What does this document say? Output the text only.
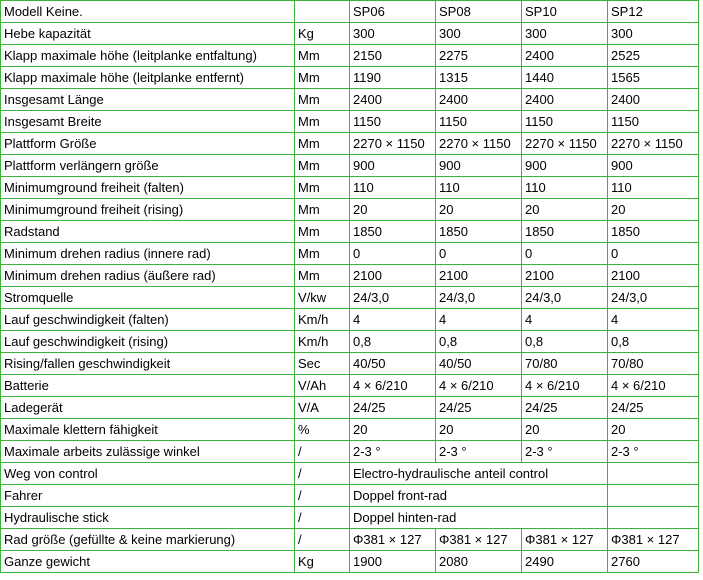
Modell Keine.		SP06	SP08	SP10	SP12
Hebe kapazität	Kg	300	300	300	300
Klapp maximale höhe (leitplanke entfaltung)	Mm	2150	2275	2400	2525
Klapp maximale höhe (leitplanke entfernt)	Mm	1190	1315	1440	1565
Insgesamt Länge	Mm	2400	2400	2400	2400
Insgesamt Breite	Mm	1150	1150	1150	1150
Plattform Größe	Mm	2270 × 1150	2270 × 1150	2270 × 1150	2270 × 1150
Plattform verlängern größe	Mm	900	900	900	900
Minimumground freiheit (falten)	Mm	110	110	110	110
Minimumground freiheit (rising)	Mm	20	20	20	20
Radstand	Mm	1850	1850	1850	1850
Minimum drehen radius (innere rad)	Mm	0	0	0	0
Minimum drehen radius (äußere rad)	Mm	2100	2100	2100	2100
Stromquelle	V/kw	24/3,0	24/3,0	24/3,0	24/3,0
Lauf geschwindigkeit (falten)	Km/h	4	4	4	4
Lauf geschwindigkeit (rising)	Km/h	0,8	0,8	0,8	0,8
Rising/fallen geschwindigkeit	Sec	40/50	40/50	70/80	70/80
Batterie	V/Ah	4 × 6/210	4 × 6/210	4 × 6/210	4 × 6/210
Ladegerät	V/A	24/25	24/25	24/25	24/25
Maximale klettern fähigkeit	%	20	20	20	20
Maximale arbeits zulässige winkel	/	2-3 °	2-3 °	2-3 °	2-3 °
Weg von control	/	Electro-hydraulische anteil control			
Fahrer	/	Doppel front-rad			
Hydraulische stick	/	Doppel hinten-rad			
Rad größe (gefüllte & keine markierung)	/	Φ381 × 127	Φ381 × 127	Φ381 × 127	Φ381 × 127
Ganze gewicht	Kg	1900	2080	2490	2760
